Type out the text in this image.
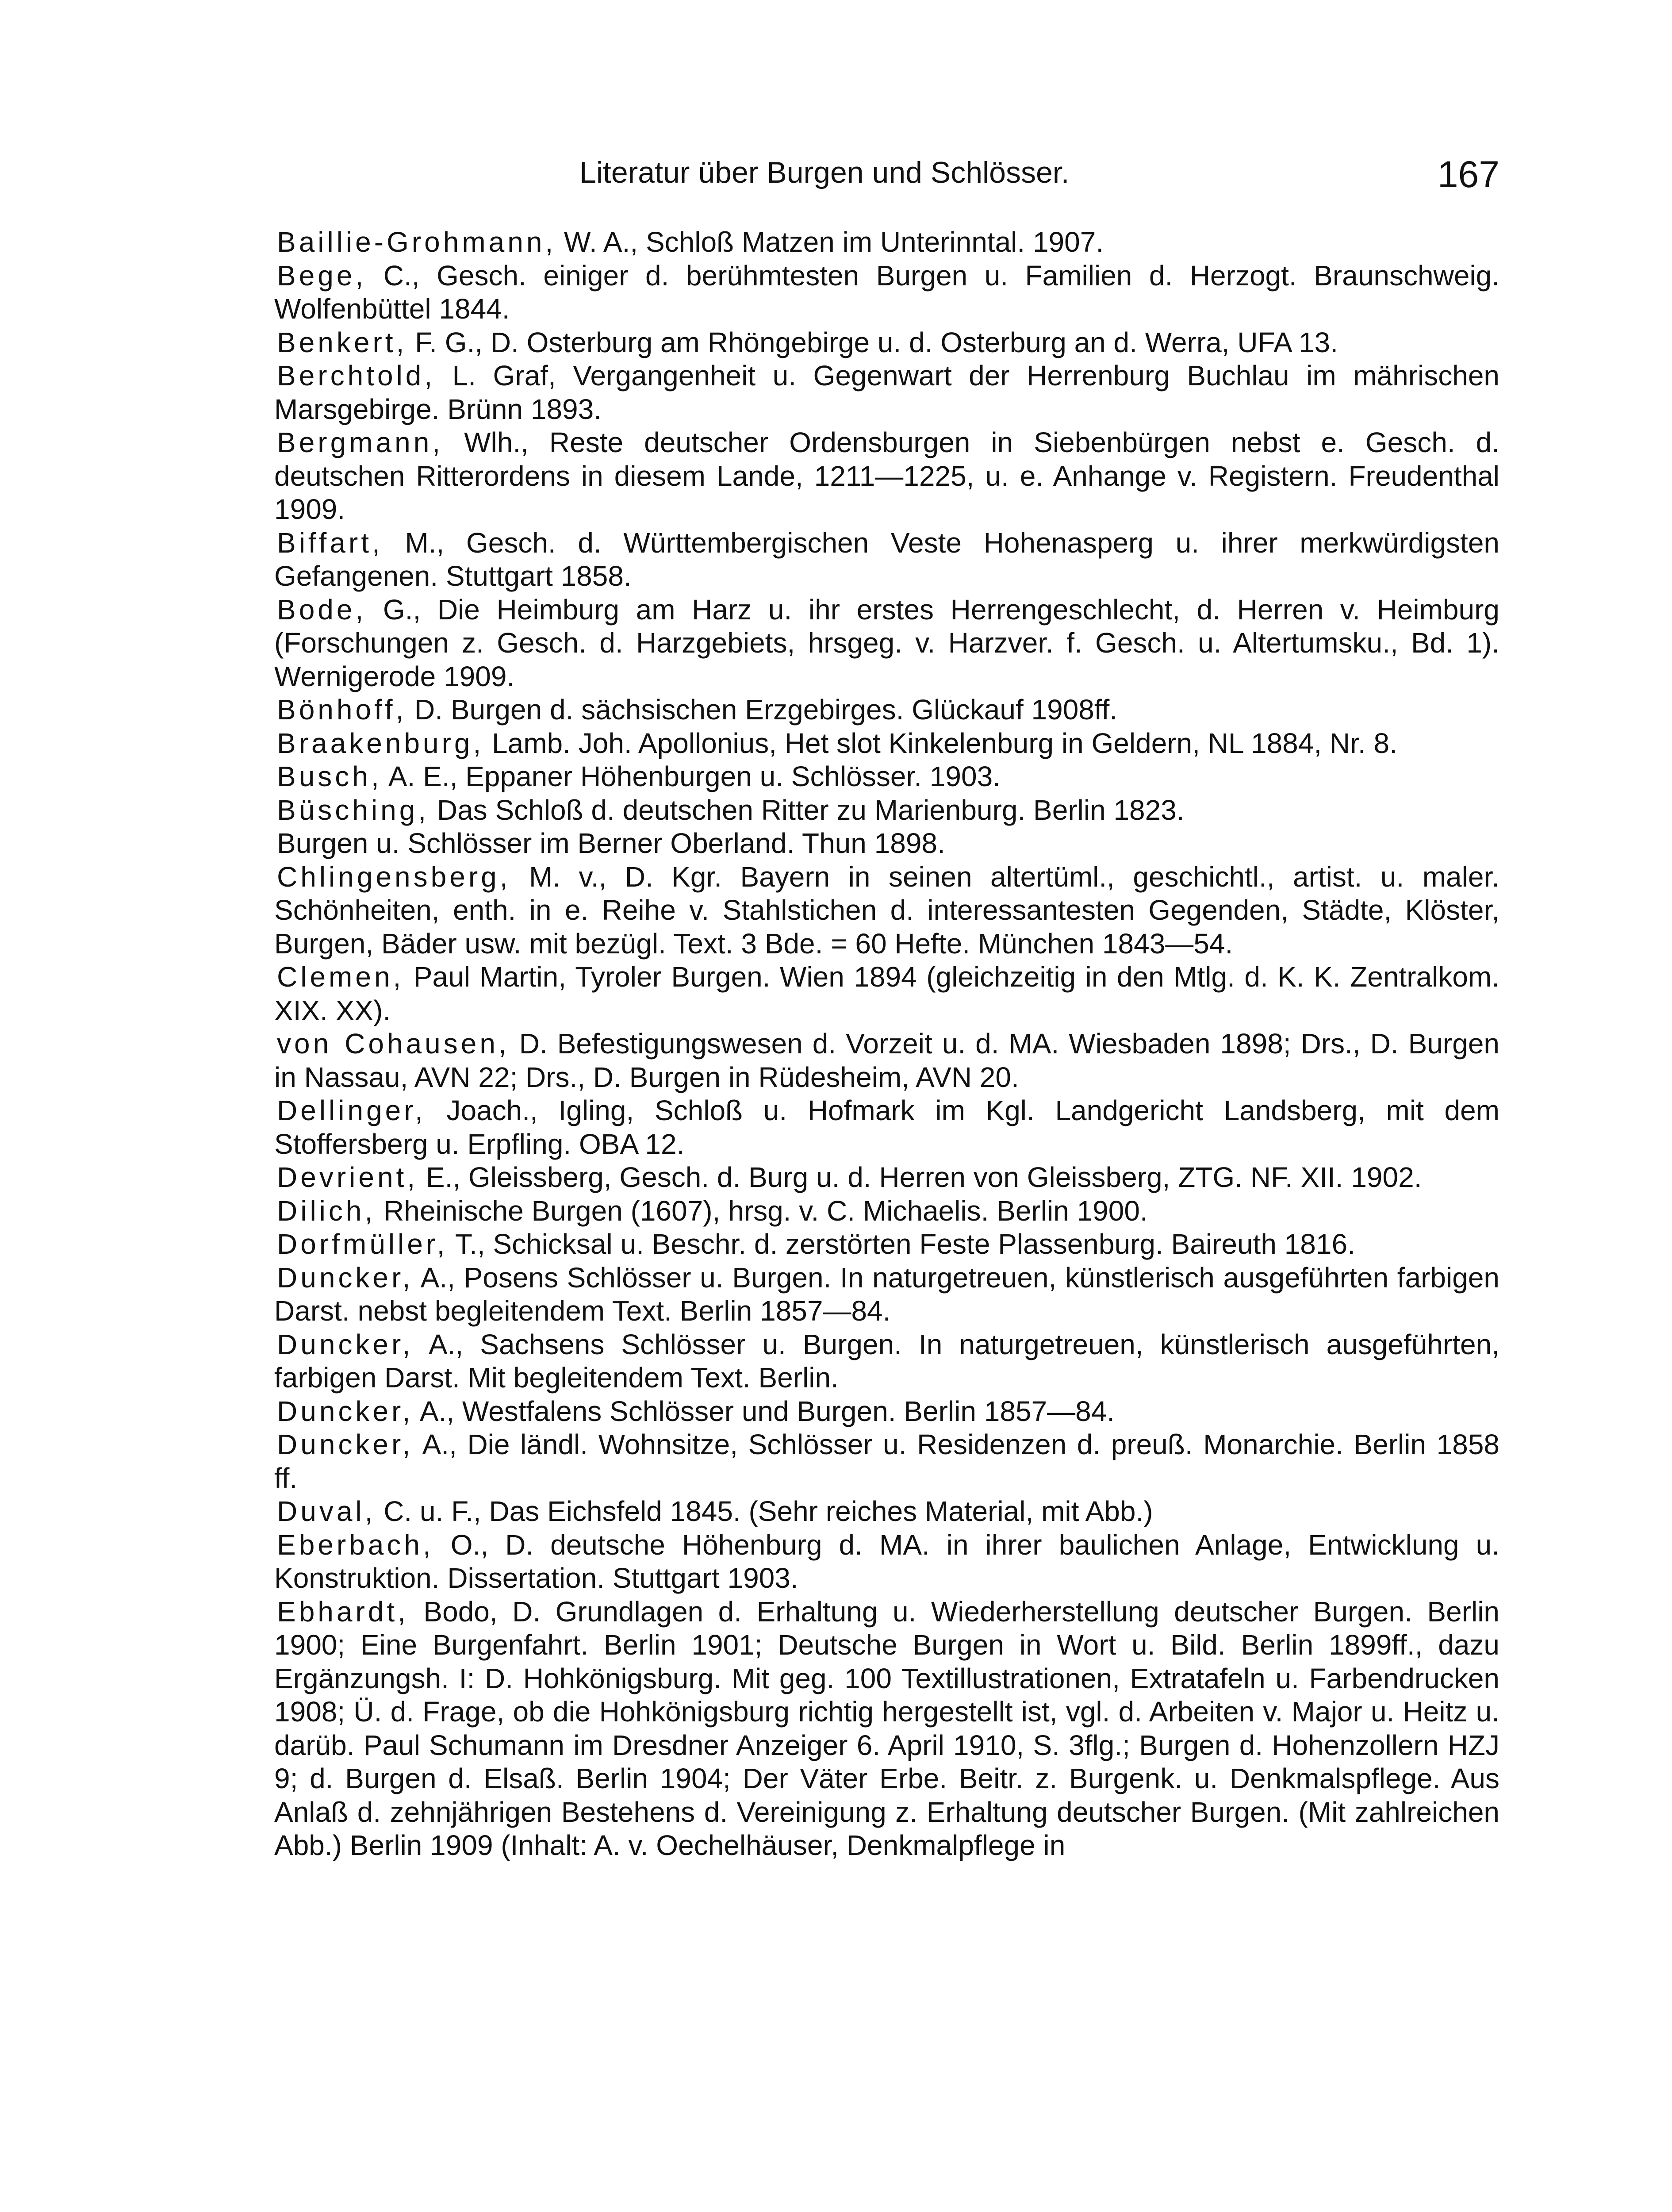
Literatur über Burgen und Schlösser.	167

Baillie-Grohmann, W. A., Schloß Matzen im Unterinntal. 1907.

Bege, C., Gesch. einiger d. berühmtesten Burgen u. Familien d. Herzogt. Braunschweig. Wolfenbüttel 1844.

Benkert, F. G., D. Osterburg am Rhöngebirge u. d. Osterburg an d. Werra, UFA 13.

Berchtold, L. Graf, Vergangenheit u. Gegenwart der Herrenburg Buchlau im mährischen Marsgebirge. Brünn 1893.

Bergmann, Wlh., Reste deutscher Ordensburgen in Siebenbürgen nebst e. Gesch. d. deutschen Ritterordens in diesem Lande, 1211—1225, u. e. Anhange v. Registern. Freudenthal 1909.

Biffart, M., Gesch. d. Württembergischen Veste Hohenasperg u. ihrer merkwürdigsten Gefangenen. Stuttgart 1858.

Bode, G., Die Heimburg am Harz u. ihr erstes Herrengeschlecht, d. Herren v. Heimburg (Forschungen z. Gesch. d. Harzgebiets, hrsgeg. v. Harzver. f. Gesch. u. Altertumsku., Bd. 1). Wernigerode 1909.

Bönhoff, D. Burgen d. sächsischen Erzgebirges. Glückauf 1908ff.

Braakenburg, Lamb. Joh. Apollonius, Het slot Kinkelenburg in Geldern, NL 1884, Nr. 8.

Busch, A. E., Eppaner Höhenburgen u. Schlösser. 1903.

Büsching, Das Schloß d. deutschen Ritter zu Marienburg. Berlin 1823.

Burgen u. Schlösser im Berner Oberland. Thun 1898.

Chlingensberg, M. v., D. Kgr. Bayern in seinen altertüml., geschichtl., artist. u. maler. Schönheiten, enth. in e. Reihe v. Stahlstichen d. interessantesten Gegenden, Städte, Klöster, Burgen, Bäder usw. mit bezügl. Text. 3 Bde. = 60 Hefte. München 1843—54.

Clemen, Paul Martin, Tyroler Burgen. Wien 1894 (gleichzeitig in den Mtlg. d. K. K. Zentralkom. XIX. XX).

von Cohausen, D. Befestigungswesen d. Vorzeit u. d. MA. Wiesbaden 1898; Drs., D. Burgen in Nassau, AVN 22; Drs., D. Burgen in Rüdesheim, AVN 20.

Dellinger, Joach., Igling, Schloß u. Hofmark im Kgl. Landgericht Landsberg, mit dem Stoffersberg u. Erpfling. OBA 12.

Devrient, E., Gleissberg, Gesch. d. Burg u. d. Herren von Gleissberg, ZTG. NF. XII. 1902.

Dilich, Rheinische Burgen (1607), hrsg. v. C. Michaelis. Berlin 1900.

Dorfmüller, T., Schicksal u. Beschr. d. zerstörten Feste Plassenburg. Baireuth 1816.

Duncker, A., Posens Schlösser u. Burgen. In naturgetreuen, künstlerisch ausgeführten farbigen Darst. nebst begleitendem Text. Berlin 1857—84.

Duncker, A., Sachsens Schlösser u. Burgen. In naturgetreuen, künstlerisch ausgeführten, farbigen Darst. Mit begleitendem Text. Berlin.

Duncker, A., Westfalens Schlösser und Burgen. Berlin 1857—84.

Duncker, A., Die ländl. Wohnsitze, Schlösser u. Residenzen d. preuß. Monarchie. Berlin 1858 ff.

Duval, C. u. F., Das Eichsfeld 1845. (Sehr reiches Material, mit Abb.)

Eberbach, O., D. deutsche Höhenburg d. MA. in ihrer baulichen Anlage, Entwicklung u. Konstruktion. Dissertation. Stuttgart 1903.

Ebhardt, Bodo, D. Grundlagen d. Erhaltung u. Wiederherstellung deutscher Burgen. Berlin 1900; Eine Burgenfahrt. Berlin 1901; Deutsche Burgen in Wort u. Bild. Berlin 1899ff., dazu Ergänzungsh. I: D. Hohkönigsburg. Mit geg. 100 Textillustrationen, Extratafeln u. Farbendrucken 1908; Ü. d. Frage, ob die Hohkönigsburg richtig hergestellt ist, vgl. d. Arbeiten v. Major u. Heitz u. darüb. Paul Schumann im Dresdner Anzeiger 6. April 1910, S. 3flg.; Burgen d. Hohenzollern HZJ 9; d. Burgen d. Elsaß. Berlin 1904; Der Väter Erbe. Beitr. z. Burgenk. u. Denkmalspflege. Aus Anlaß d. zehnjährigen Bestehens d. Vereinigung z. Erhaltung deutscher Burgen. (Mit zahlreichen Abb.) Berlin 1909 (Inhalt: A. v. Oechelhäuser, Denkmalpflege in
